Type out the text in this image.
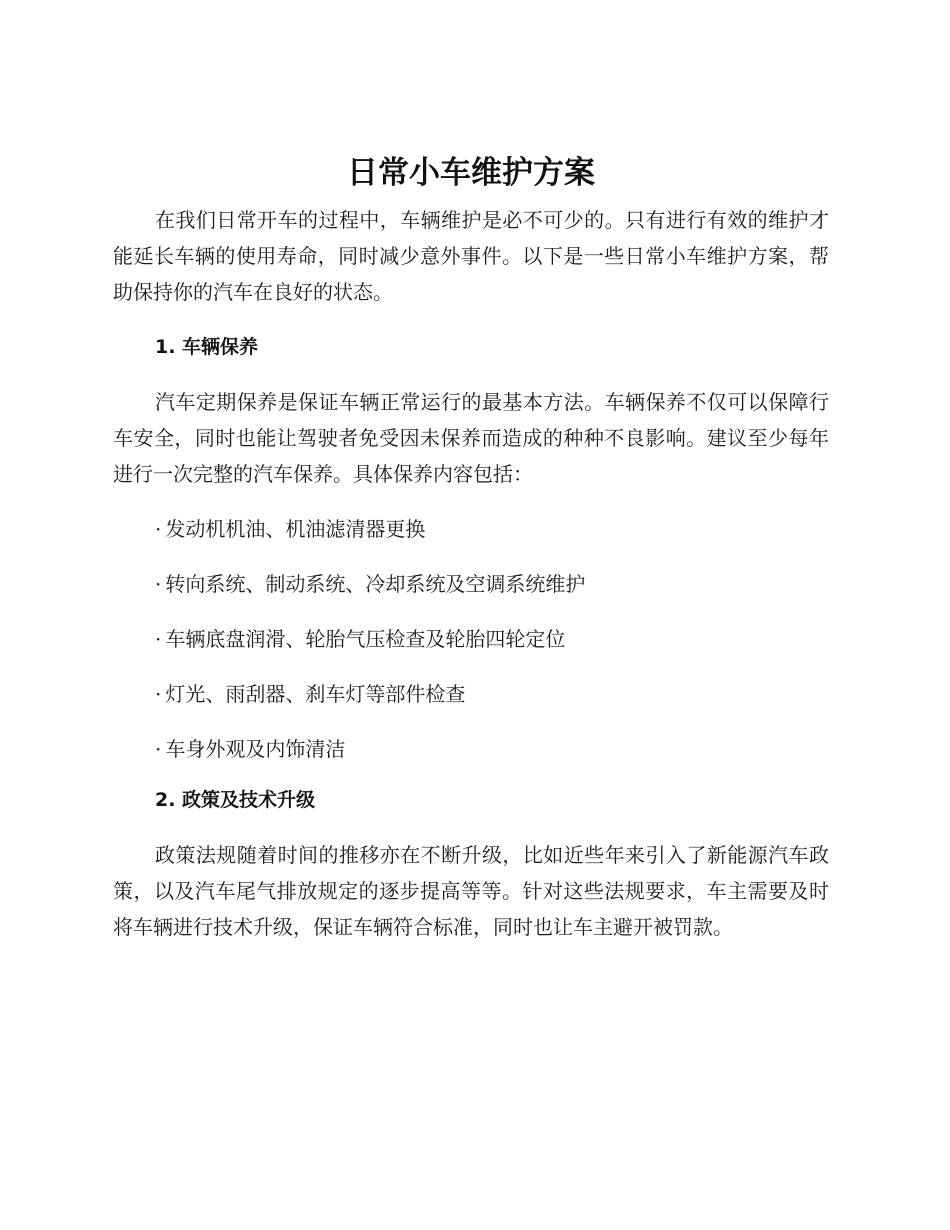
日常小车维护方案

在我们日常开车的过程中，车辆维护是必不可少的。只有进行有效的维护才能延长车辆的使用寿命，同时减少意外事件。以下是一些日常小车维护方案，帮助保持你的汽车在良好的状态。

1. 车辆保养

汽车定期保养是保证车辆正常运行的最基本方法。车辆保养不仅可以保障行车安全，同时也能让驾驶者免受因未保养而造成的种种不良影响。建议至少每年进行一次完整的汽车保养。具体保养内容包括：

· 发动机机油、机油滤清器更换
· 转向系统、制动系统、冷却系统及空调系统维护
· 车辆底盘润滑、轮胎气压检查及轮胎四轮定位
· 灯光、雨刮器、刹车灯等部件检查
· 车身外观及内饰清洁
2. 政策及技术升级

政策法规随着时间的推移亦在不断升级，比如近些年来引入了新能源汽车政策，以及汽车尾气排放规定的逐步提高等等。针对这些法规要求，车主需要及时将车辆进行技术升级，保证车辆符合标准，同时也让车主避开被罚款。
